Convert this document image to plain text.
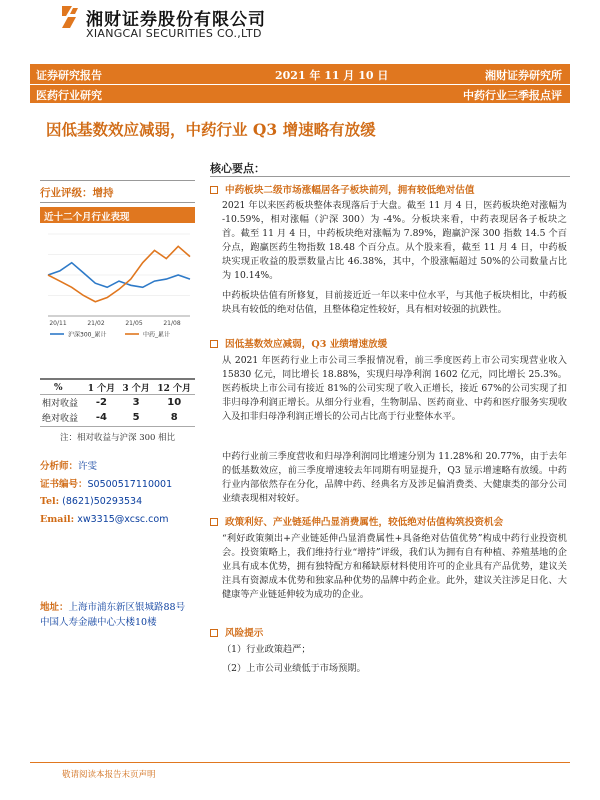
湘财证券股份有限公司
XIANGCAI SECURITIES CO.,LTD
证券研究报告	2021 年 11 月 10 日	湘财证券研究所
医药行业研究	中药行业三季报点评
因低基数效应减弱，中药行业 Q3 增速略有放缓
行业评级：增持
近十二个月行业表现
20/11	21/02	21/05	21/08
沪深300_累计	中药_累计
%	1 个月	3 个月	12 个月
相对收益	-2	3	10
绝对收益	-4	5	8
注：相对收益与沪深 300 相比
分析师：许雯
证书编号：S0500517110001
Tel: (8621)50293534
Email: xw3315@xcsc.com
地址：上海市浦东新区银城路88号
中国人寿金融中心大楼10楼
核心要点：
中药板块二级市场涨幅居各子板块前列，拥有较低绝对估值
2021 年以来医药板块整体表现落后于大盘。截至 11 月 4 日，医药板块绝对涨幅为 -10.59%，相对涨幅（沪深 300）为 -4%。分板块来看，中药表现居各子板块之首。截至 11 月 4 日，中药板块绝对涨幅为 7.89%，跑赢沪深 300 指数 14.5 个百分点，跑赢医药生物指数 18.48 个百分点。从个股来看，截至 11 月 4 日，中药板块实现正收益的股票数量占比 46.38%，其中，个股涨幅超过 50%的公司数量占比为 10.14%。
中药板块估值有所修复，目前接近近一年以来中位水平，与其他子板块相比，中药板块具有较低的绝对估值，且整体稳定性较好，具有相对较强的抗跌性。
因低基数效应减弱，Q3 业绩增速放缓
从 2021 年医药行业上市公司三季报情况看，前三季度医药上市公司实现营业收入 15830 亿元，同比增长 18.88%，实现归母净利润 1602 亿元，同比增长 25.3%。医药板块上市公司有接近 81%的公司实现了收入正增长，接近 67%的公司实现了扣非归母净利润正增长。从细分行业看，生物制品、医药商业、中药和医疗服务实现收入及扣非归母净利润正增长的公司占比高于行业整体水平。
中药行业前三季度营收和归母净利润同比增速分别为 11.28%和 20.77%，由于去年的低基数效应，前三季度增速较去年同期有明显提升，Q3 显示增速略有放缓。中药行业内部依然存在分化，品牌中药、经典名方及涉足偏消费类、大健康类的部分公司业绩表现相对较好。
政策利好、产业链延伸凸显消费属性，较低绝对估值构筑投资机会
“利好政策频出+产业链延伸凸显消费属性+具备绝对估值优势”构成中药行业投资机会。投资策略上，我们维持行业“增持”评级，我们认为拥有自有种植、养殖基地的企业具有成本优势，拥有独特配方和稀缺原材料使用许可的企业具有产品优势，建议关注具有资源成本优势和独家品种优势的品牌中药企业。此外，建议关注涉足日化、大健康等产业链延伸较为成功的企业。
风险提示
（1）行业政策趋严；
（2）上市公司业绩低于市场预期。
敬请阅读本报告末页声明
